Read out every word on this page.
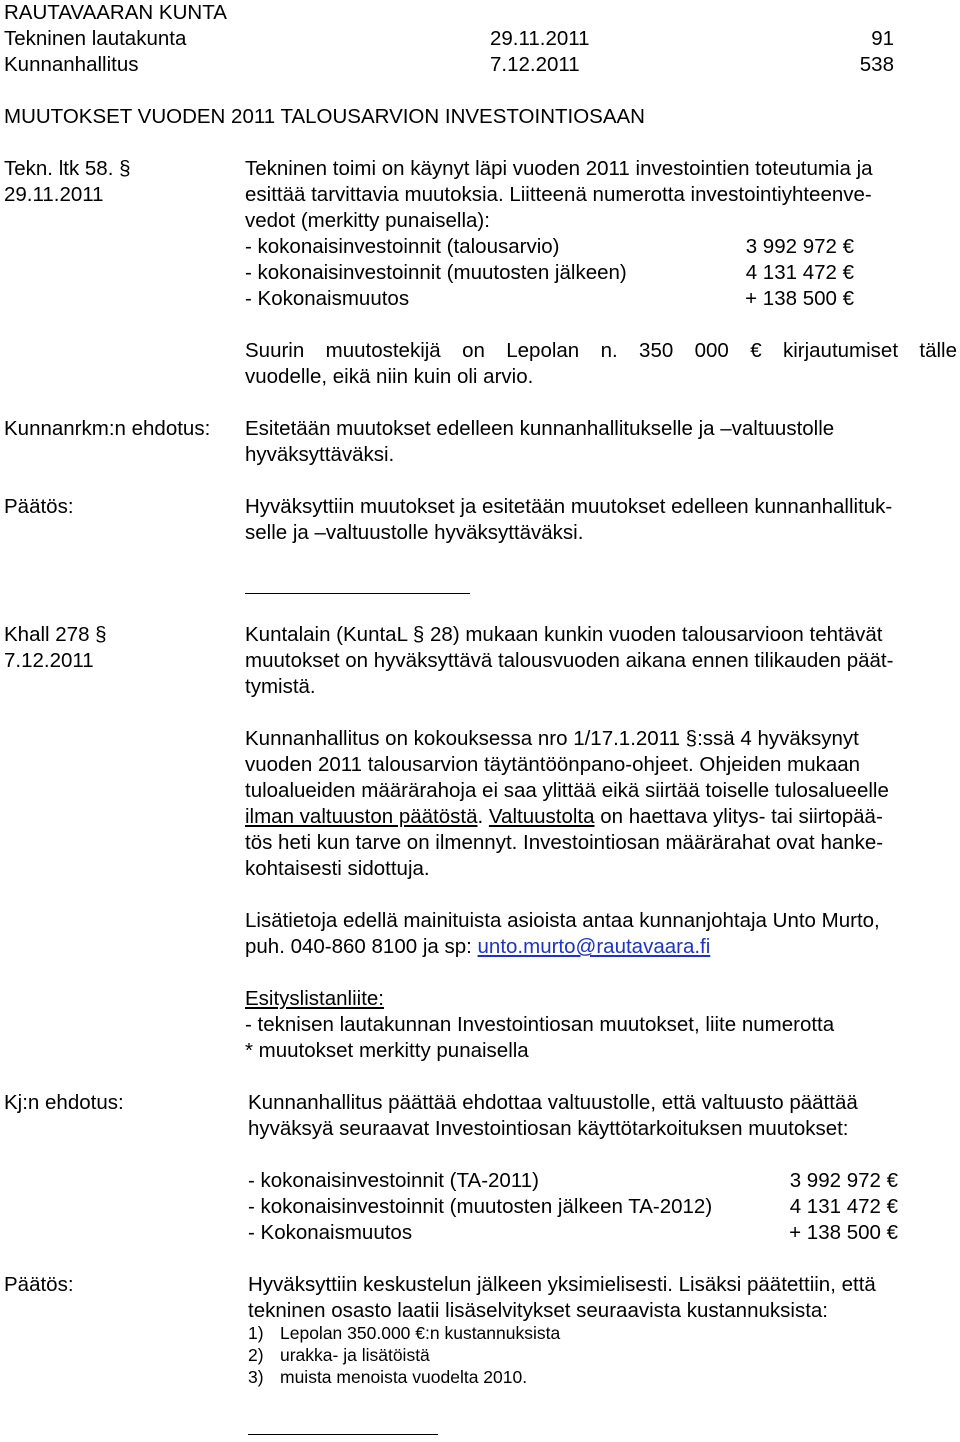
RAUTAVAARAN KUNTA
Tekninen lautakunta	29.11.2011	91
Kunnanhallitus	7.12.2011	538
MUUTOKSET VUODEN 2011 TALOUSARVION INVESTOINTIOSAAN
Tekn. ltk 58. §
29.11.2011
Tekninen toimi on käynyt läpi vuoden 2011 investointien toteutumia ja
esittää tarvittavia muutoksia. Liitteenä numerotta investointiyhteenve-
vedot (merkitty punaisella):
- kokonaisinvestoinnit (talousarvio)	3 992 972 €
- kokonaisinvestoinnit (muutosten jälkeen)	4 131 472 €
- Kokonaismuutos	+ 138 500 €
Suurin muutostekijä on Lepolan n. 350 000 € kirjautumiset tälle
vuodelle, eikä niin kuin oli arvio.
Kunnanrkm:n ehdotus: Esitetään muutokset edelleen kunnanhallitukselle ja –valtuustolle
hyväksyttäväksi.
Päätös:	Hyväksyttiin muutokset ja esitetään muutokset edelleen kunnanhallituk-
selle ja –valtuustolle hyväksyttäväksi.
Khall 278 §
7.12.2011
Kuntalain (KuntaL § 28) mukaan kunkin vuoden talousarvioon tehtävät
muutokset on hyväksyttävä talousvuoden aikana ennen tilikauden päät-
tymistä.
Kunnanhallitus on kokouksessa nro 1/17.1.2011 §:ssä 4 hyväksynyt
vuoden 2011 talousarvion täytäntöönpano-ohjeet. Ohjeiden mukaan
tuloalueiden määrärahoja ei saa ylittää eikä siirtää toiselle tulosalueelle
ilman valtuuston päätöstä. Valtuustolta on haettava ylitys- tai siirtopää-
tös heti kun tarve on ilmennyt. Investointiosan määrärahat ovat hanke-
kohtaisesti sidottuja.
Lisätietoja edellä mainituista asioista antaa kunnanjohtaja Unto Murto,
puh. 040-860 8100 ja sp: unto.murto@rautavaara.fi
Esityslistanliite:
- teknisen lautakunnan Investointiosan muutokset, liite numerotta
* muutokset merkitty punaisella
Kj:n ehdotus:	Kunnanhallitus päättää ehdottaa valtuustolle, että valtuusto päättää
hyväksyä seuraavat Investointiosan käyttötarkoituksen muutokset:
- kokonaisinvestoinnit (TA-2011)	3 992 972 €
- kokonaisinvestoinnit (muutosten jälkeen TA-2012)	4 131 472 €
- Kokonaismuutos	+ 138 500 €
Päätös:	Hyväksyttiin keskustelun jälkeen yksimielisesti. Lisäksi päätettiin, että
tekninen osasto laatii lisäselvitykset seuraavista kustannuksista:
1) Lepolan 350.000 €:n kustannuksista
2) urakka- ja lisätöistä
3) muista menoista vuodelta 2010.
